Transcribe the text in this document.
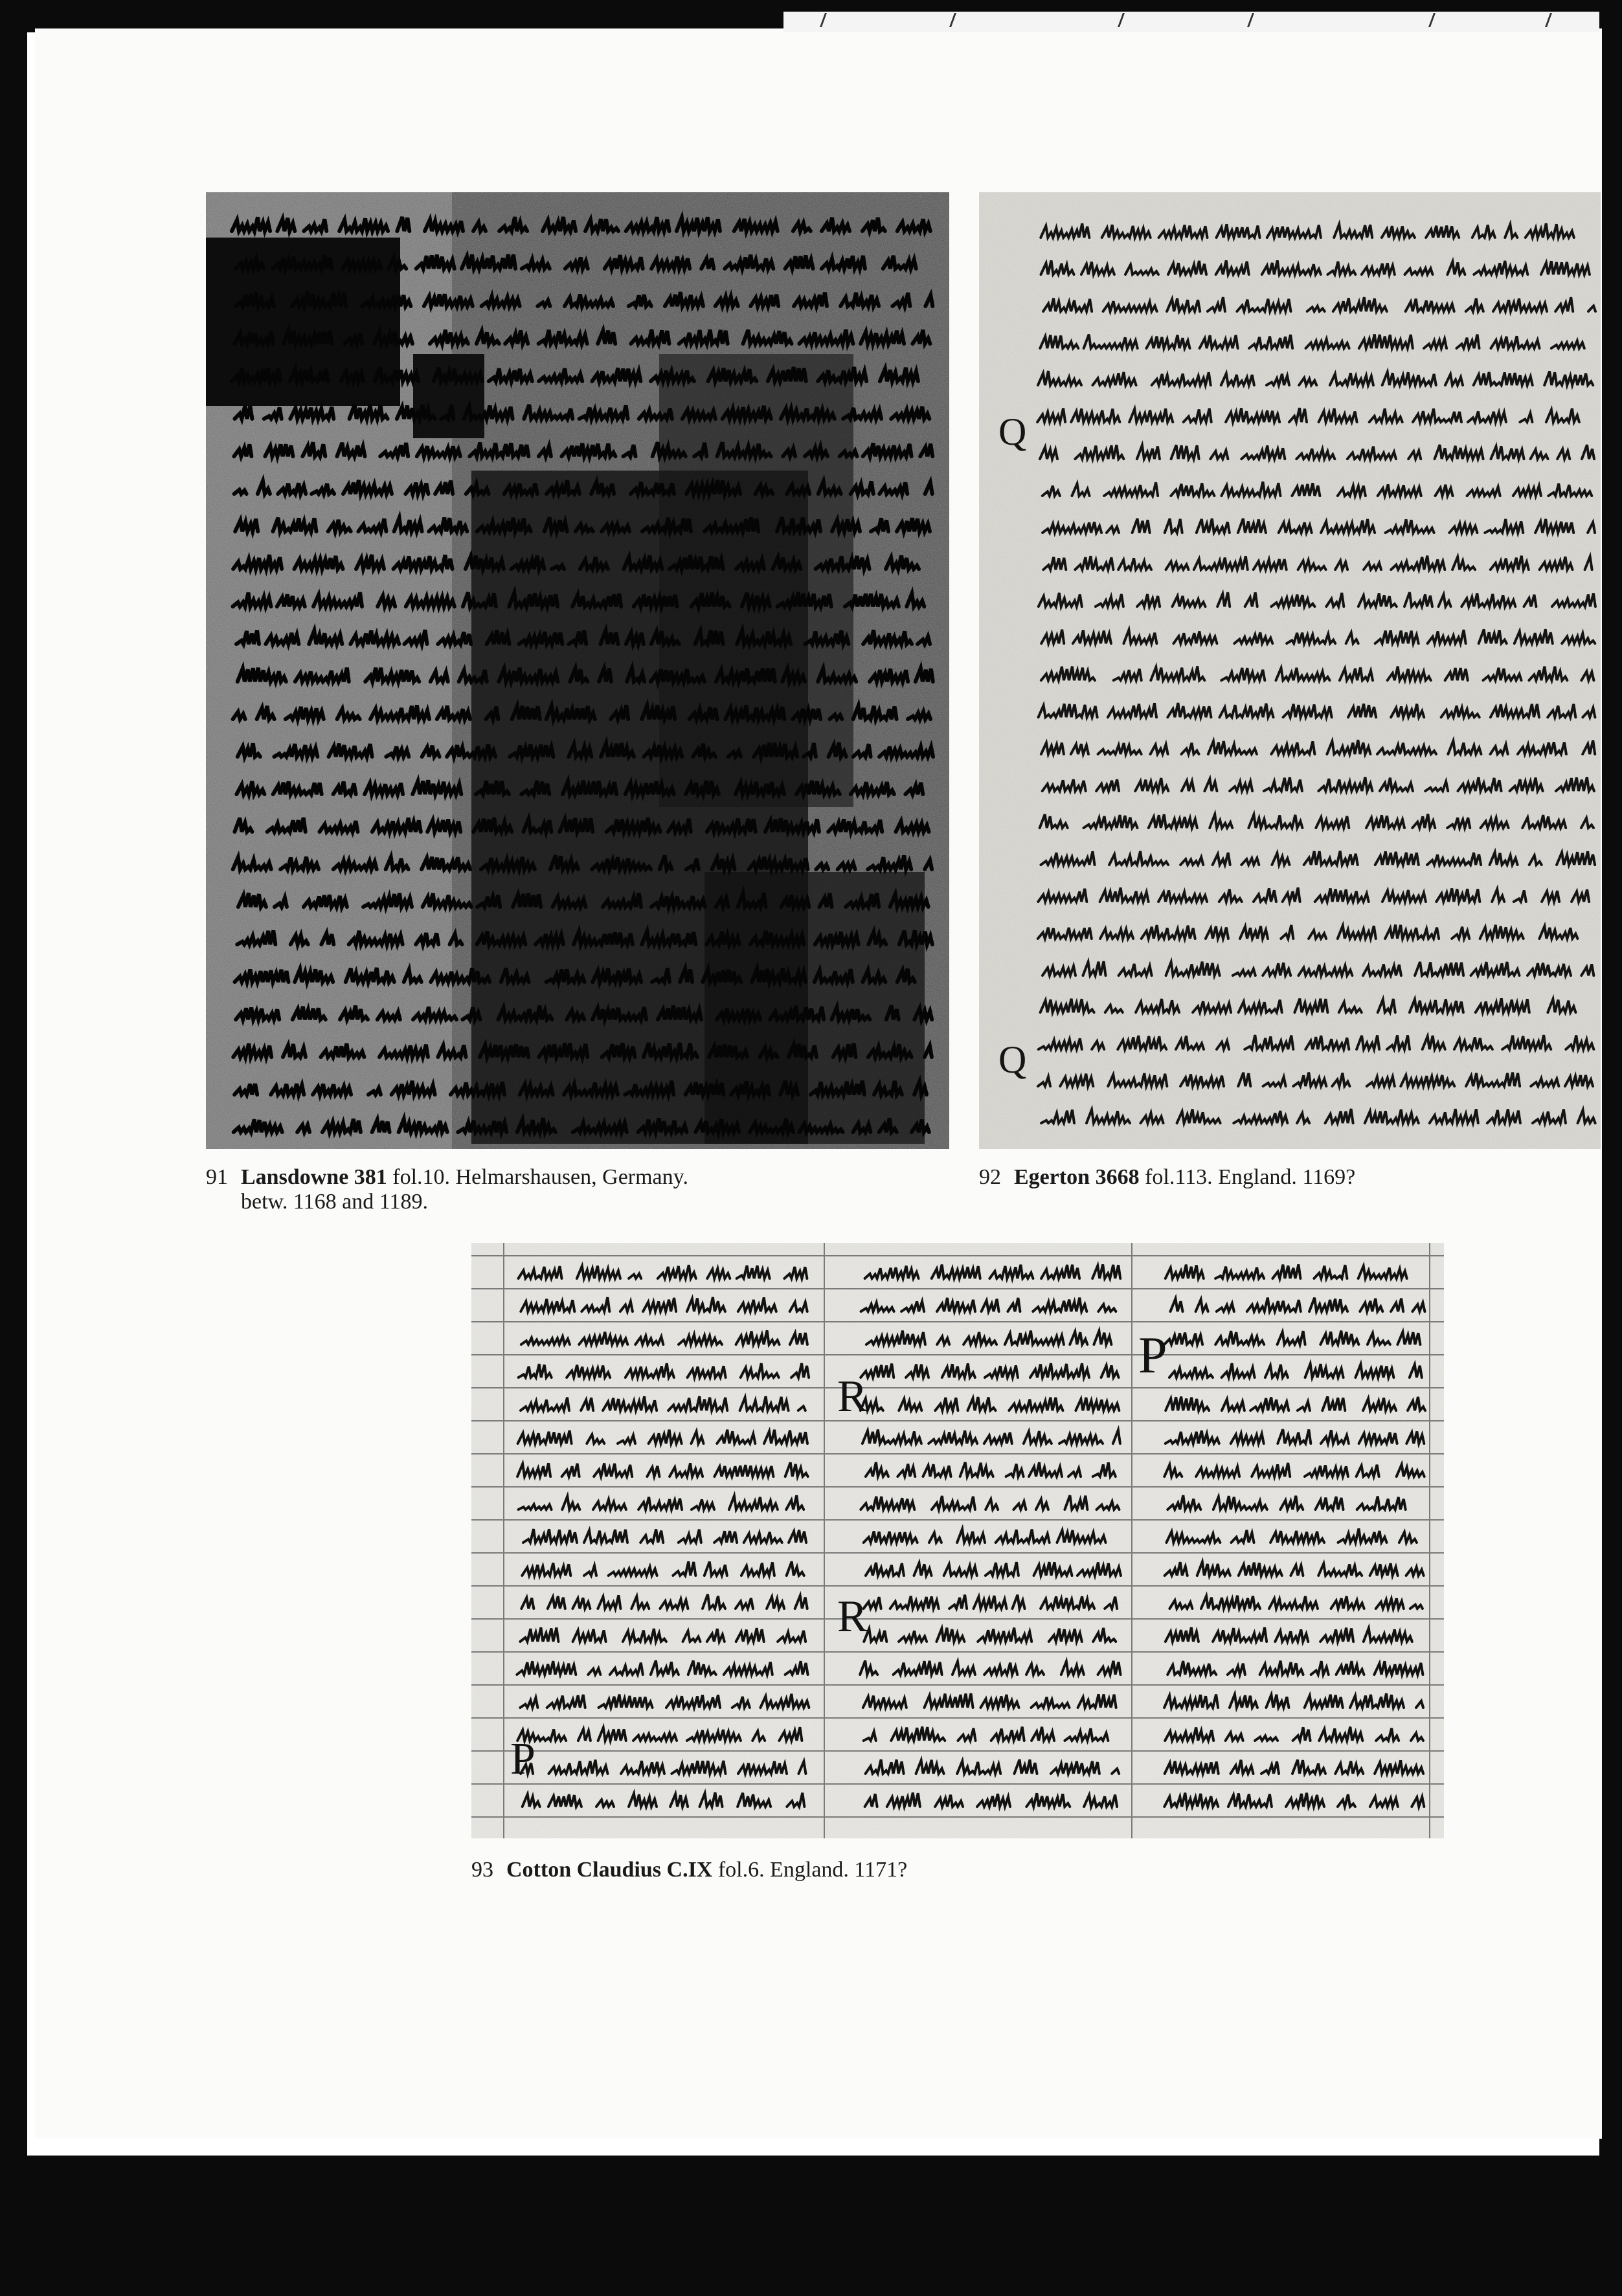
Q
Q
P
R
R
P
91 Lansdowne 381 fol.10. Helmarshausen, Germany.
betw. 1168 and 1189.
92 Egerton 3668 fol.113. England. 1169?
93 Cotton Claudius C.IX fol.6. England. 1171?
